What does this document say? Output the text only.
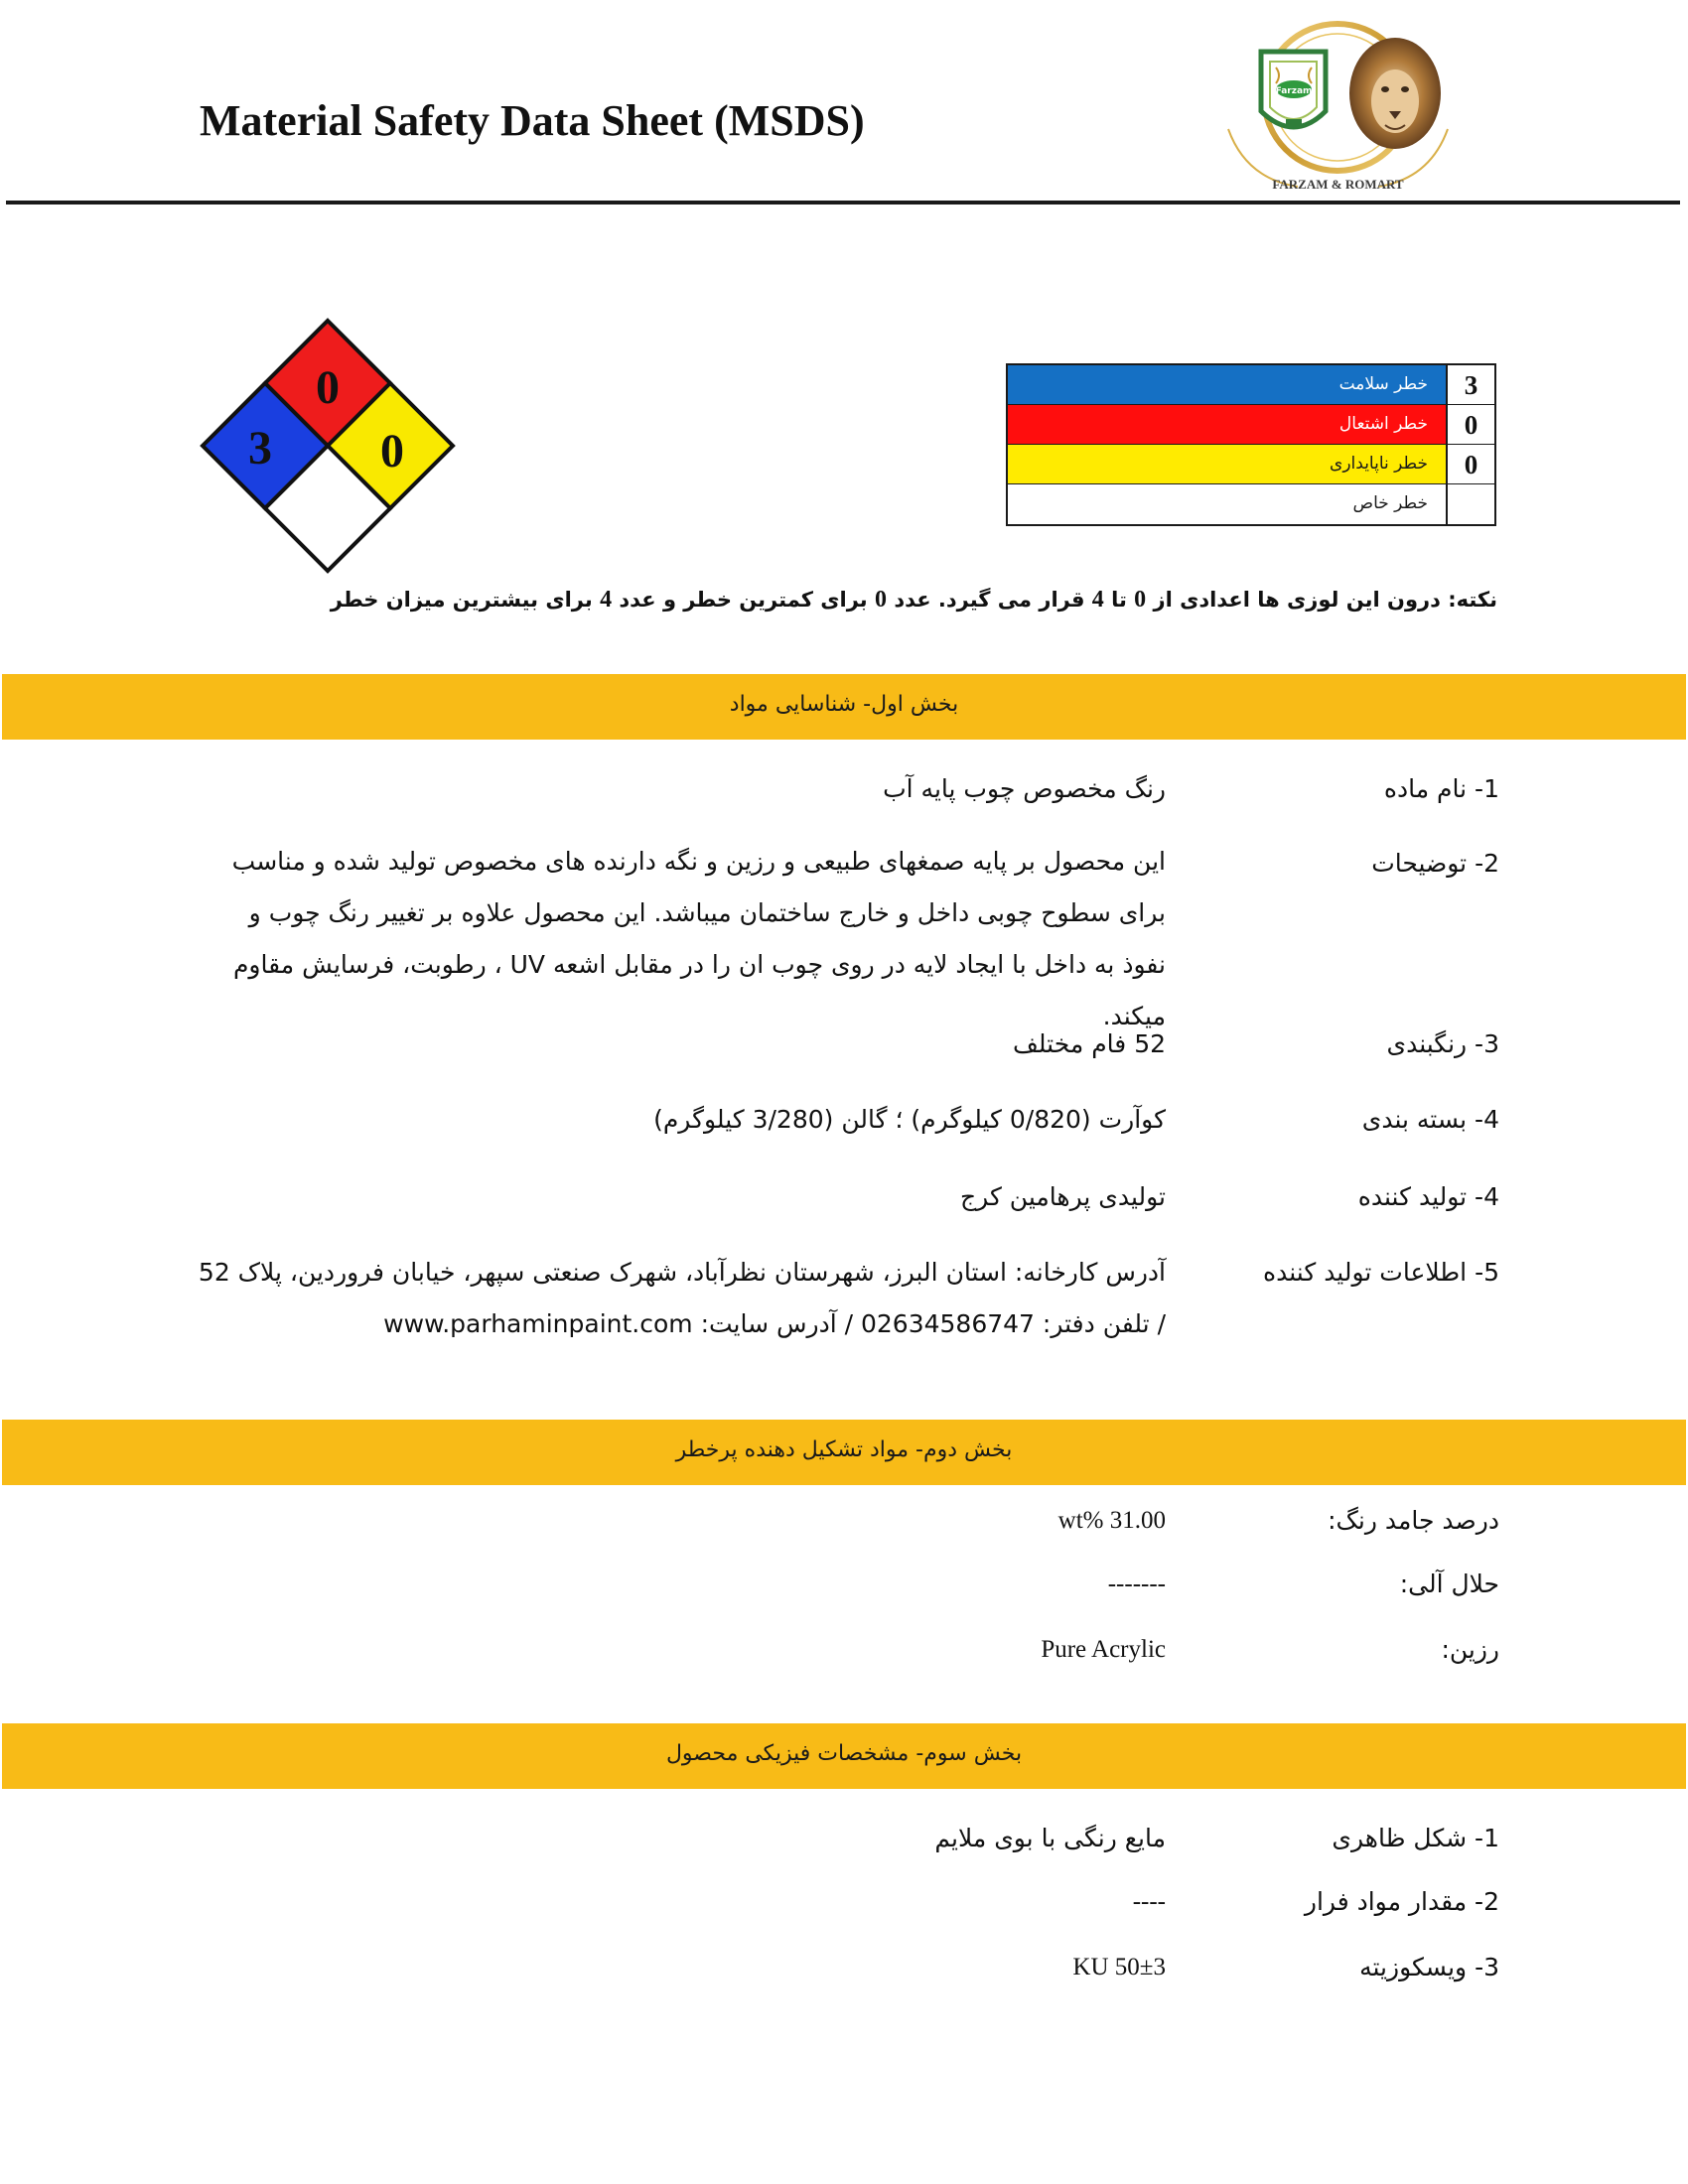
Material Safety Data Sheet (MSDS)
Farzam
FARZAM & ROMART
0
3 0
خطر سلامت	3
خطر اشتعال	0
خطر ناپایداری	0
خطر خاص
نکته: درون این لوزی ها اعدادی از 0 تا 4 قرار می گیرد. عدد 0 برای کمترین خطر و عدد 4 برای بیشترین میزان خطر
بخش اول- شناسایی مواد
1- نام ماده
رنگ مخصوص چوب پایه آب
2- توضیحات
این محصول بر پایه صمغهای طبیعی و رزین و نگه دارنده های مخصوص تولید شده و مناسب برای سطوح چوبی داخل و خارج ساختمان میباشد. این محصول علاوه بر تغییر رنگ چوب و نفوذ به داخل با ایجاد لایه در روی چوب ان را در مقابل اشعه UV ، رطوبت، فرسایش مقاوم میکند.
3- رنگبندی
52 فام مختلف
4- بسته بندی
کوآرت (0/820 کیلوگرم) ؛ گالن (3/280 کیلوگرم)
4- تولید کننده
تولیدی پرهامین کرج
5- اطلاعات تولید کننده
آدرس کارخانه: استان البرز، شهرستان نظرآباد، شهرک صنعتی سپهر، خیابان فروردین، پلاک 52
/ تلفن دفتر: 02634586747 / آدرس سایت: www.parhaminpaint.com
بخش دوم- مواد تشکیل دهنده پرخطر
درصد جامد رنگ:
31.00 %wt
حلال آلی:
-------
رزین:
Pure Acrylic
بخش سوم- مشخصات فیزیکی محصول
1- شکل ظاهری
مایع رنگی با بوی ملایم
2- مقدار مواد فرار
----
3- ویسکوزیته
50±3 KU
